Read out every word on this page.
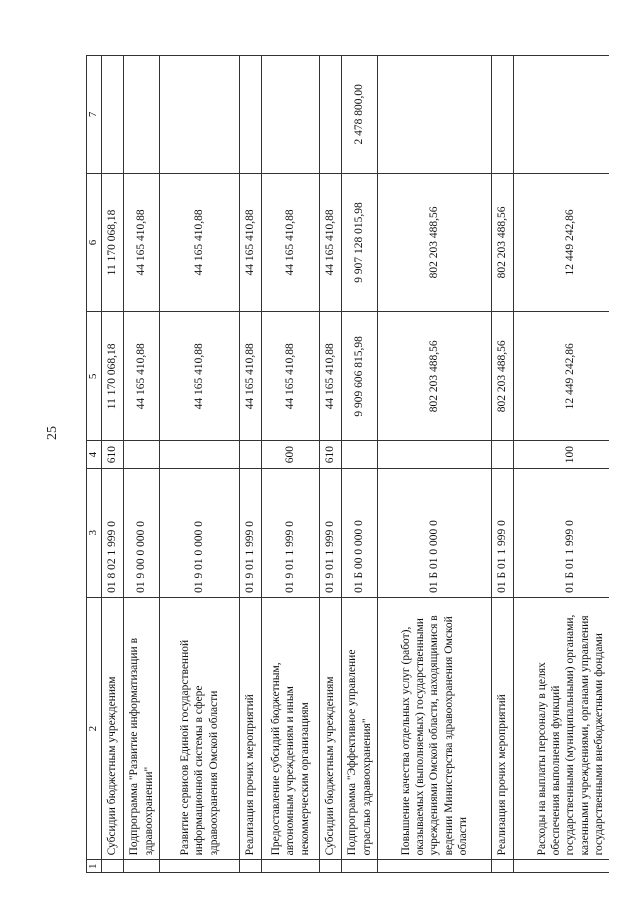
25
1	2	3	4	5	6	7
	Субсидии бюджетным учреждениям	01 8 02 1 999 0	610	11 170 068,18	11 170 068,18	
	Подпрограмма "Развитие информатизации в здравоохранении"	01 9 00 0 000 0		44 165 410,88	44 165 410,88	
	Развитие сервисов Единой государственной информационной системы в сфере здравоохранения Омской области	01 9 01 0 000 0		44 165 410,88	44 165 410,88	
	Реализация прочих мероприятий	01 9 01 1 999 0		44 165 410,88	44 165 410,88	
	Предоставление субсидий бюджетным, автономным учреждениям и иным некоммерческим организациям	01 9 01 1 999 0	600	44 165 410,88	44 165 410,88	
	Субсидии бюджетным учреждениям	01 9 01 1 999 0	610	44 165 410,88	44 165 410,88	
	Подпрограмма "Эффективное управление отраслью здравоохранения"	01 Б 00 0 000 0		9 909 606 815,98	9 907 128 015,98	2 478 800,00
	Повышение качества отдельных услуг (работ), оказываемых (выполняемых) государственными учреждениями Омской области, находящимися в ведении Министерства здравоохранения Омской области	01 Б 01 0 000 0		802 203 488,56	802 203 488,56	
	Реализация прочих мероприятий	01 Б 01 1 999 0		802 203 488,56	802 203 488,56	
	Расходы на выплаты персоналу в целях обеспечения выполнения функций государственными (муниципальными) органами, казенными учреждениями, органами управления государственными внебюджетными фондами	01 Б 01 1 999 0	100	12 449 242,86	12 449 242,86	
